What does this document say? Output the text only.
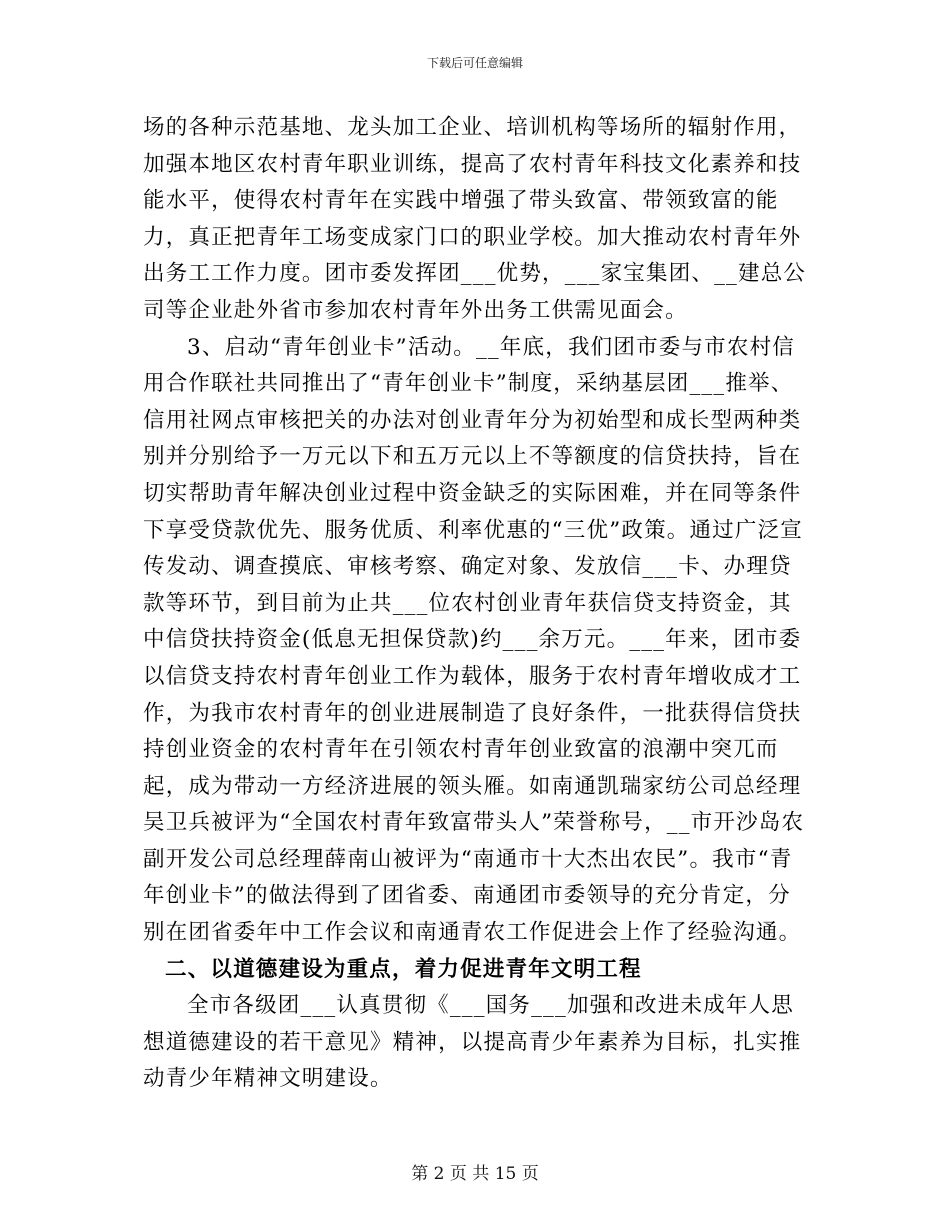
下载后可任意编辑

场的各种示范基地、龙头加工企业、培训机构等场所的辐射作用，加强本地区农村青年职业训练，提高了农村青年科技文化素养和技能水平，使得农村青年在实践中增强了带头致富、带领致富的能力，真正把青年工场变成家门口的职业学校。加大推动农村青年外出务工工作力度。团市委发挥团___优势，___家宝集团、__建总公司等企业赴外省市参加农村青年外出务工供需见面会。

3、启动“青年创业卡”活动。__年底，我们团市委与市农村信用合作联社共同推出了“青年创业卡”制度，采纳基层团___推举、信用社网点审核把关的办法对创业青年分为初始型和成长型两种类别并分别给予一万元以下和五万元以上不等额度的信贷扶持，旨在切实帮助青年解决创业过程中资金缺乏的实际困难，并在同等条件下享受贷款优先、服务优质、利率优惠的“三优”政策。通过广泛宣传发动、调查摸底、审核考察、确定对象、发放信___卡、办理贷款等环节，到目前为止共___位农村创业青年获信贷支持资金，其中信贷扶持资金(低息无担保贷款)约___余万元。___年来，团市委以信贷支持农村青年创业工作为载体，服务于农村青年增收成才工作，为我市农村青年的创业进展制造了良好条件，一批获得信贷扶持创业资金的农村青年在引领农村青年创业致富的浪潮中突兀而起，成为带动一方经济进展的领头雁。如南通凯瑞家纺公司总经理吴卫兵被评为“全国农村青年致富带头人”荣誉称号，__市开沙岛农副开发公司总经理薛南山被评为“南通市十大杰出农民”。我市“青年创业卡”的做法得到了团省委、南通团市委领导的充分肯定，分别在团省委年中工作会议和南通青农工作促进会上作了经验沟通。

二、以道德建设为重点，着力促进青年文明工程

全市各级团___认真贯彻《___国务___加强和改进未成年人思想道德建设的若干意见》精神，以提高青少年素养为目标，扎实推动青少年精神文明建设。

第 2 页 共 15 页
